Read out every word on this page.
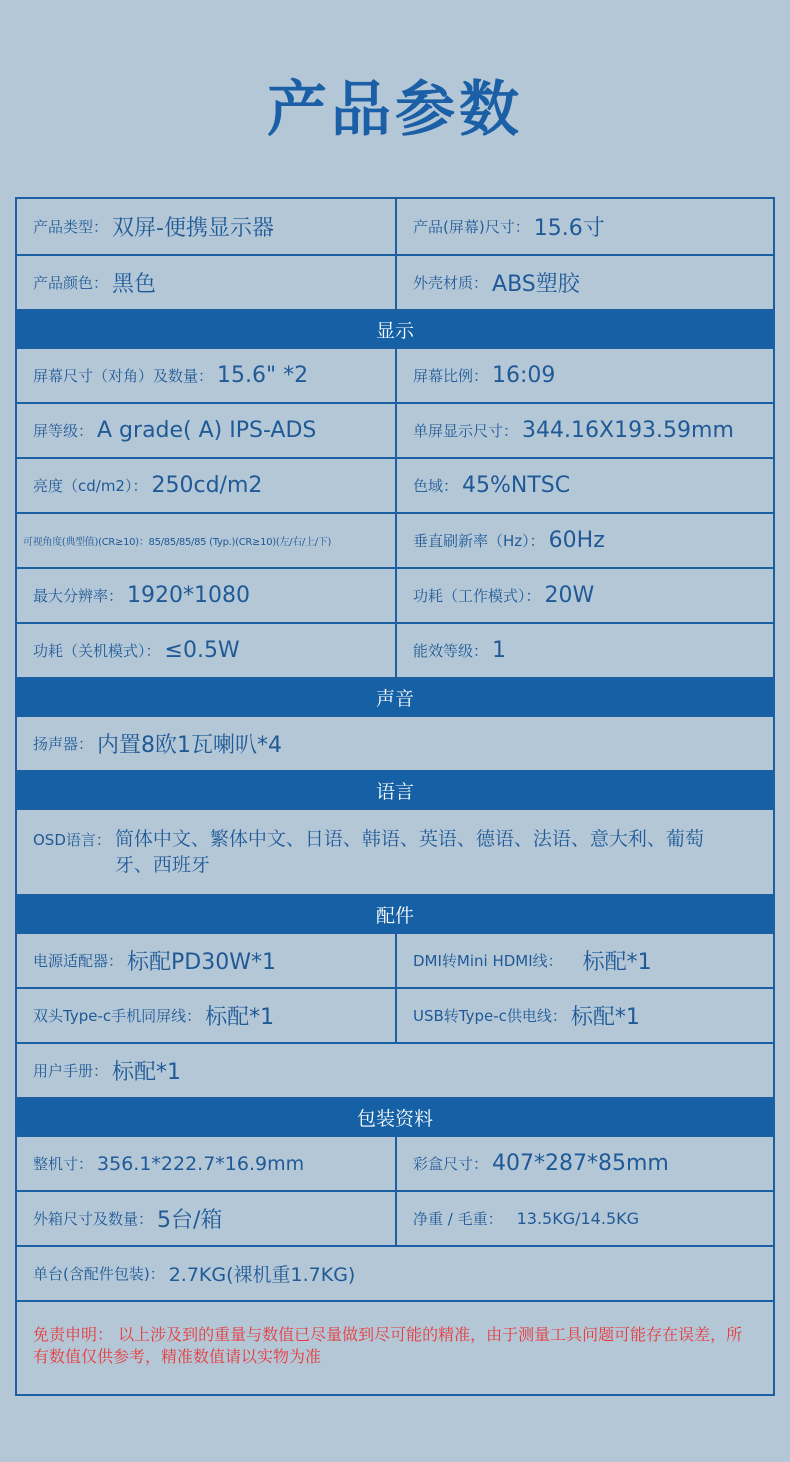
产品参数
产品类型： 双屏-便携显示器	产品(屏幕)尺寸： 15.6寸
产品颜色： 黑色	外壳材质： ABS塑胶
显示
屏幕尺寸（对角）及数量： 15.6" *2	屏幕比例： 16:09
屏等级： A grade( A) IPS-ADS	单屏显示尺寸： 344.16X193.59mm
亮度（cd/m2）： 250cd/m2	色域： 45%NTSC
可视角度(典型值)(CR≥10)：85/85/85/85 (Typ.)(CR≥10)(左/右/上/下)	垂直刷新率（Hz）： 60Hz
最大分辨率： 1920*1080	功耗（工作模式）： 20W
功耗（关机模式）： ≤0.5W	能效等级： 1
声音
扬声器： 内置8欧1瓦喇叭*4
语言
OSD语言： 简体中文、繁体中文、日语、韩语、英语、德语、法语、意大利、葡萄牙、西班牙
配件
电源适配器： 标配PD30W*1	DMI转Mini HDMI线： 标配*1
双头Type-c手机同屏线： 标配*1	USB转Type-c供电线： 标配*1
用户手册： 标配*1
包装资料
整机寸： 356.1*222.7*16.9mm	彩盒尺寸： 407*287*85mm
外箱尺寸及数量： 5台/箱	净重 / 毛重： 13.5KG/14.5KG
单台(含配件包装)： 2.7KG(裸机重1.7KG)
免责申明： 以上涉及到的重量与数值已尽量做到尽可能的精准，由于测量工具问题可能存在误差，所有数值仅供参考，精准数值请以实物为准
